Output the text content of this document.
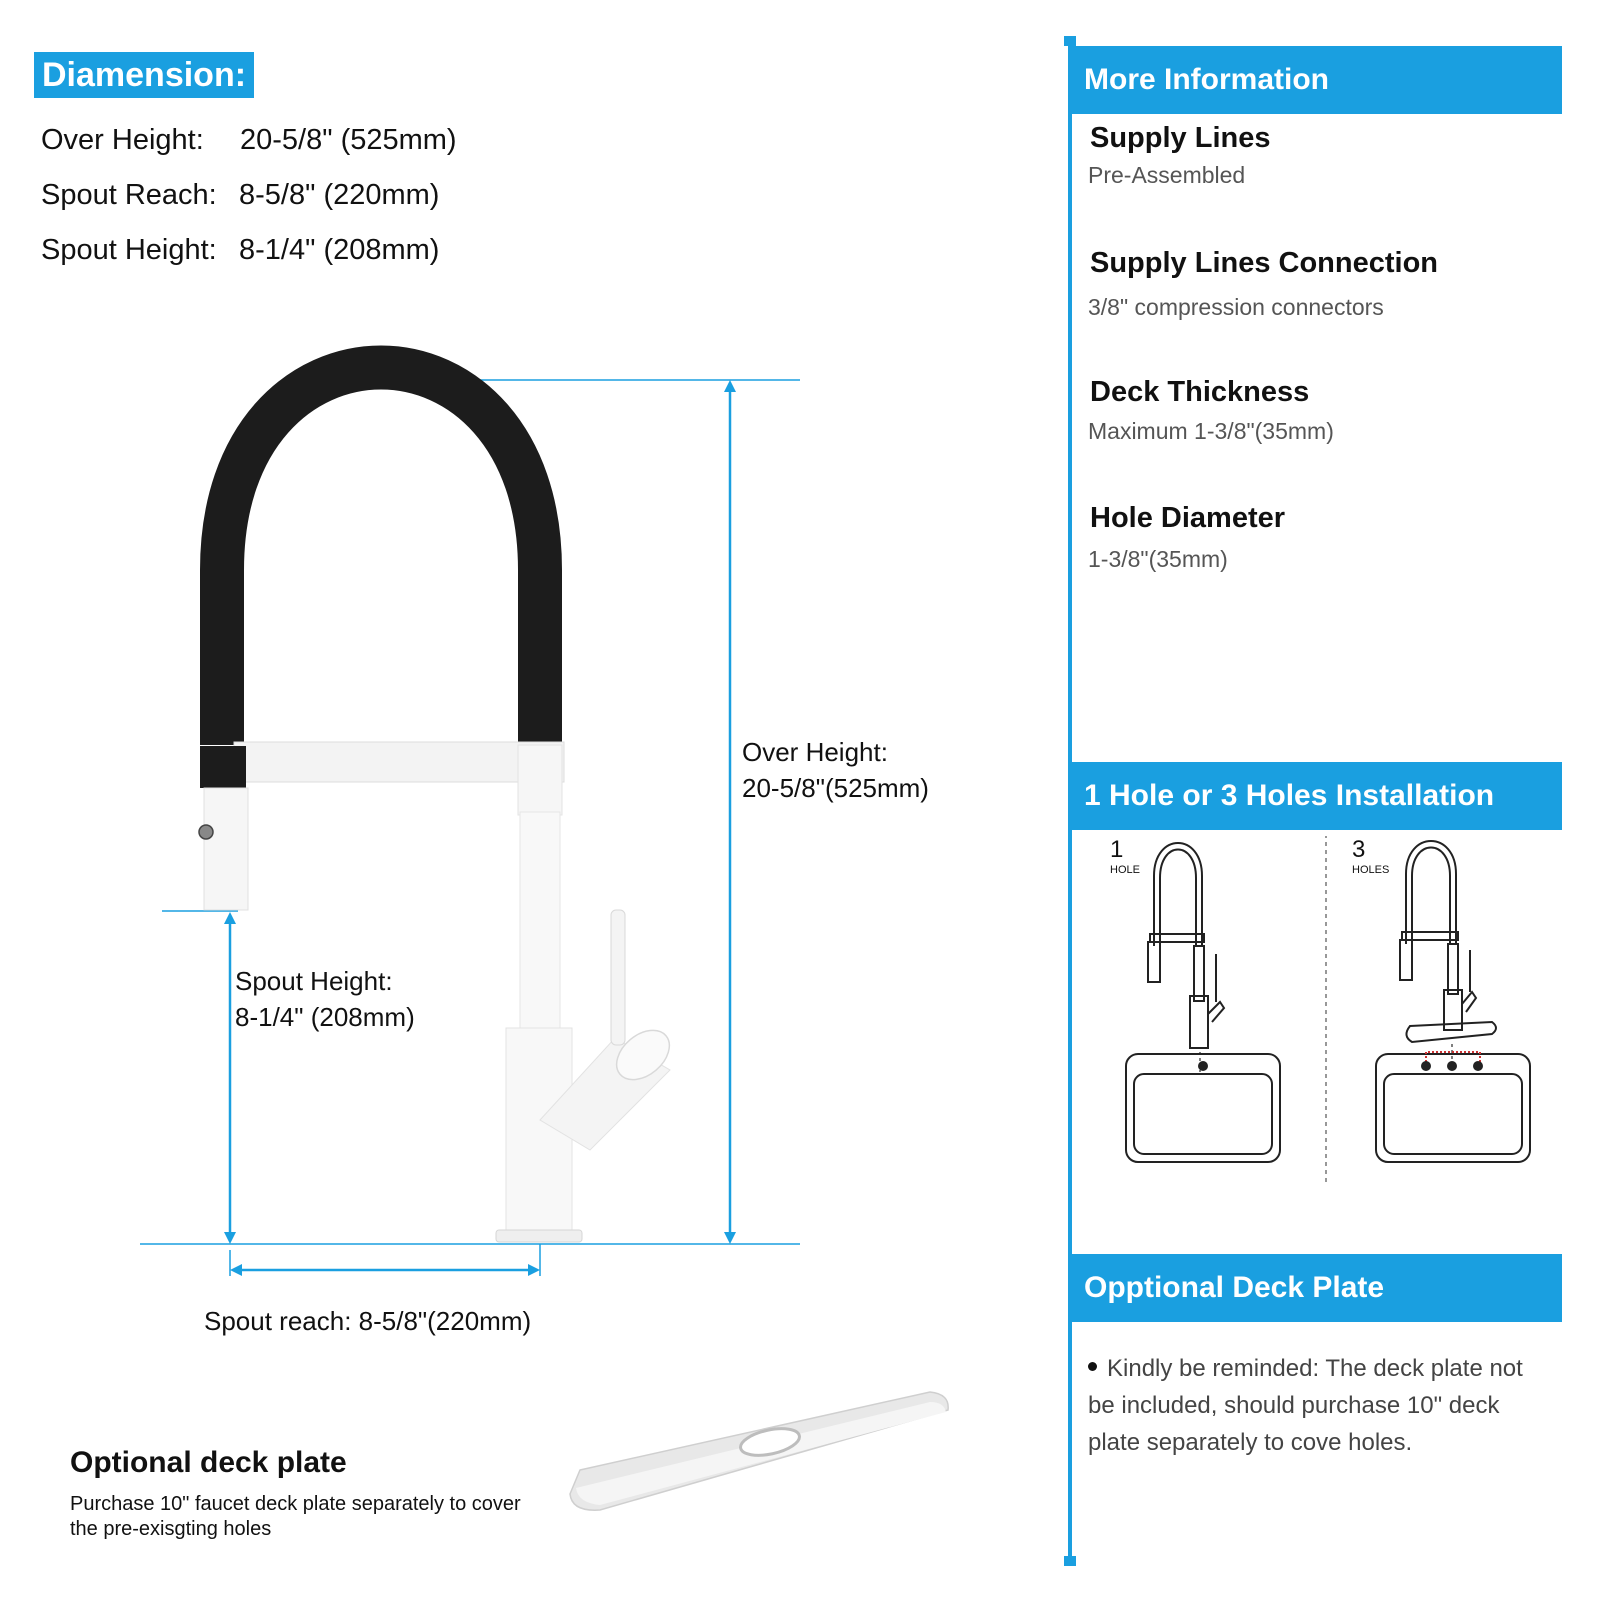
Diamension:
Over Height: 20-5/8" (525mm)
Spout Reach: 8-5/8" (220mm)
Spout Height: 8-1/4" (208mm)
Over Height:
20-5/8"(525mm)
Spout Height:
8-1/4" (208mm)
Spout reach: 8-5/8"(220mm)
Optional deck plate
Purchase 10" faucet deck plate separately to cover the pre-exisgting holes
More Information
Supply Lines
Pre-Assembled
Supply Lines Connection
3/8" compression connectors
Deck Thickness
Maximum 1-3/8"(35mm)
Hole Diameter
1-3/8"(35mm)
1 Hole or 3 Holes Installation
1
HOLE
3
HOLES
Opptional Deck Plate
Kindly be reminded: The deck plate not be included, should purchase 10" deck plate separately to cove holes.
